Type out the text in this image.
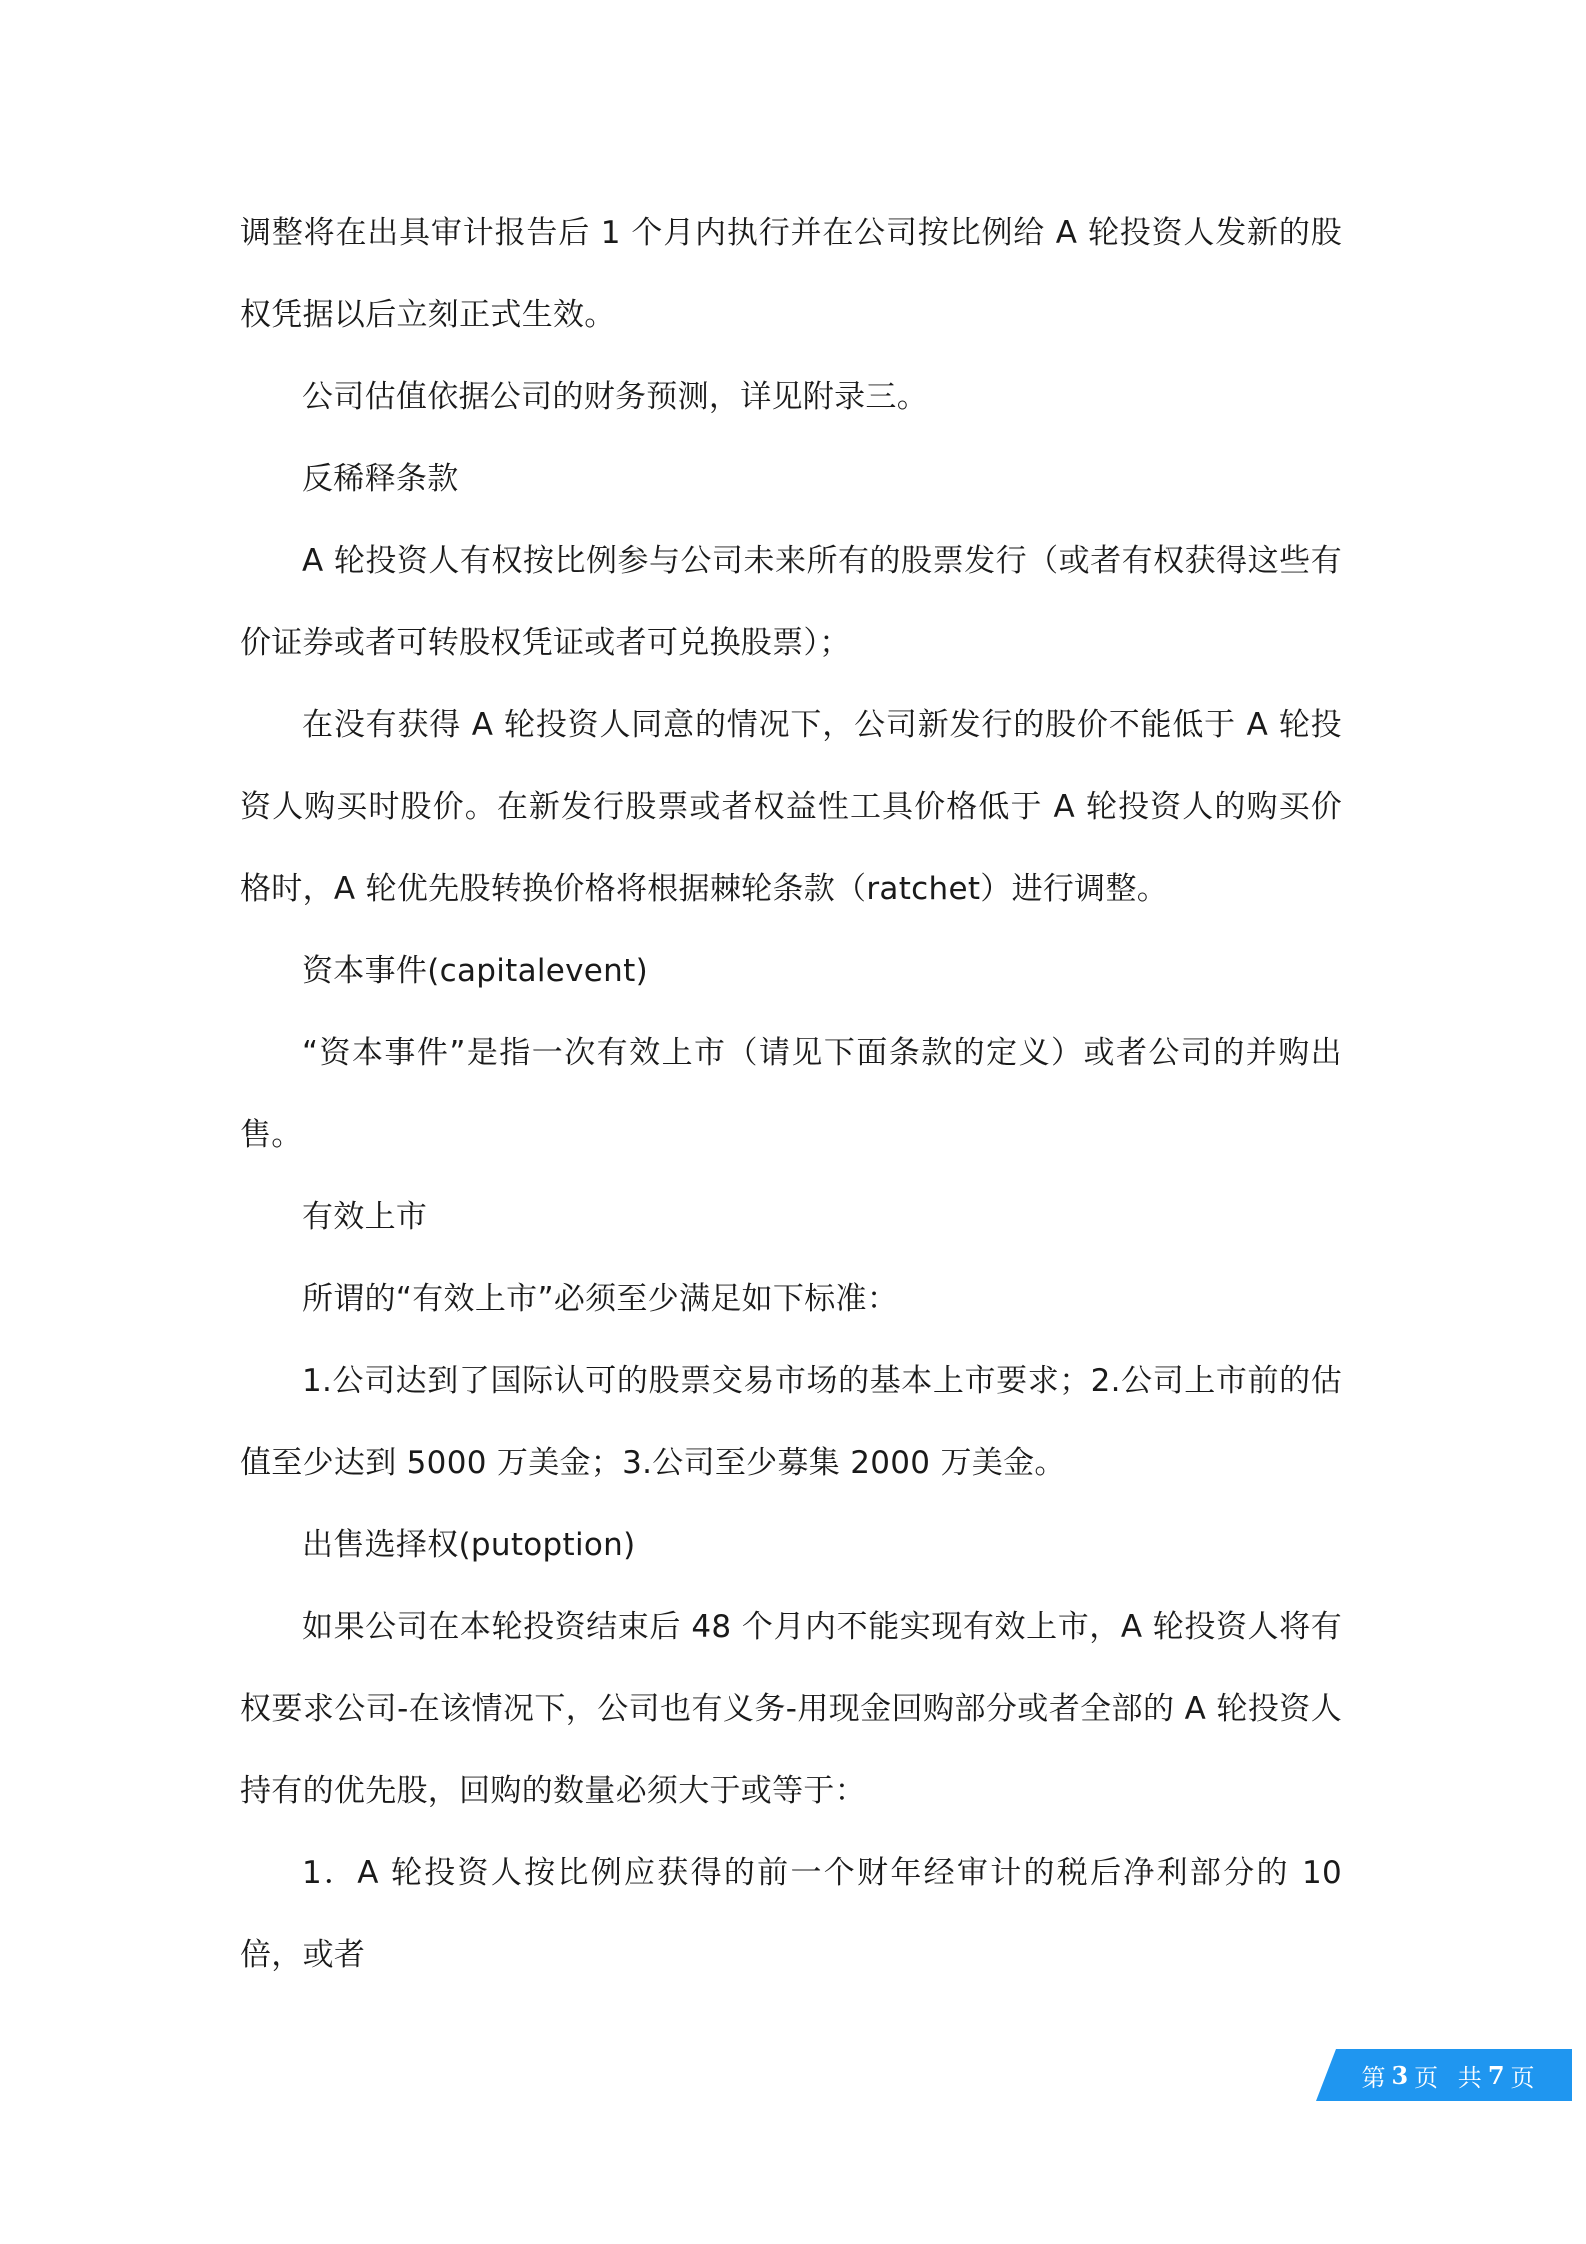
调整将在出具审计报告后 1 个月内执行并在公司按比例给 A 轮投资人发新的股权凭据以后立刻正式生效。

公司估值依据公司的财务预测，详见附录三。

反稀释条款

A 轮投资人有权按比例参与公司未来所有的股票发行（或者有权获得这些有价证券或者可转股权凭证或者可兑换股票）；

在没有获得 A 轮投资人同意的情况下，公司新发行的股价不能低于 A 轮投资人购买时股价。在新发行股票或者权益性工具价格低于 A 轮投资人的购买价格时，A 轮优先股转换价格将根据棘轮条款（ratchet）进行调整。

资本事件(capitalevent)

“资本事件”是指一次有效上市（请见下面条款的定义）或者公司的并购出售。

有效上市

所谓的“有效上市”必须至少满足如下标准：

1.公司达到了国际认可的股票交易市场的基本上市要求；2.公司上市前的估值至少达到 5000 万美金；3.公司至少募集 2000 万美金。

出售选择权(putoption)

如果公司在本轮投资结束后 48 个月内不能实现有效上市，A 轮投资人将有权要求公司-在该情况下，公司也有义务-用现金回购部分或者全部的 A 轮投资人持有的优先股，回购的数量必须大于或等于：

1．A 轮投资人按比例应获得的前一个财年经审计的税后净利部分的 10 倍，或者

第 3 页 共 7 页
